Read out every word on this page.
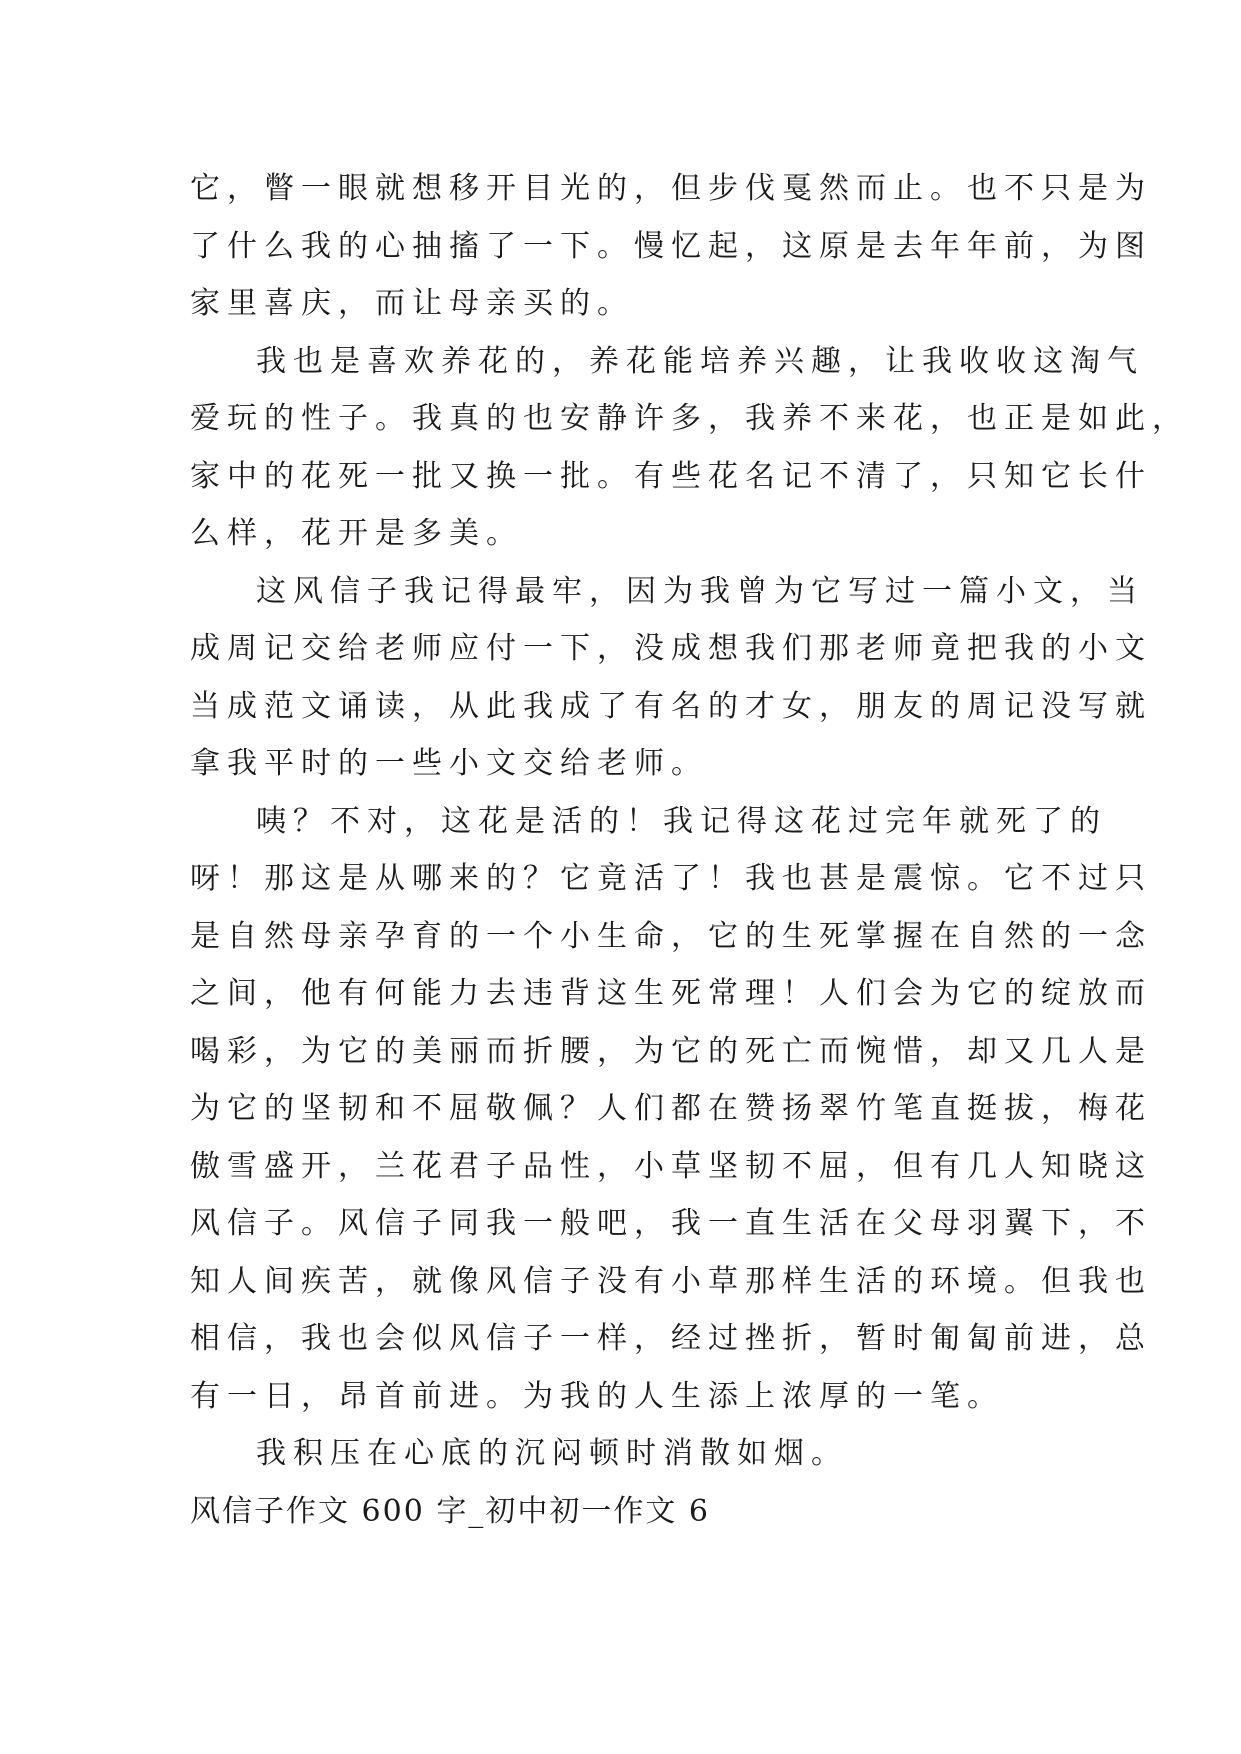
它，瞥一眼就想移开目光的，但步伐戛然而止。也不只是为
了什么我的心抽搐了一下。慢忆起，这原是去年年前，为图
家里喜庆，而让母亲买的。
我也是喜欢养花的，养花能培养兴趣，让我收收这淘气
爱玩的性子。我真的也安静许多，我养不来花，也正是如此，
家中的花死一批又换一批。有些花名记不清了，只知它长什
么样，花开是多美。
这风信子我记得最牢，因为我曾为它写过一篇小文，当
成周记交给老师应付一下，没成想我们那老师竟把我的小文
当成范文诵读，从此我成了有名的才女，朋友的周记没写就
拿我平时的一些小文交给老师。
咦？不对，这花是活的！我记得这花过完年就死了的
呀！那这是从哪来的？它竟活了！我也甚是震惊。它不过只
是自然母亲孕育的一个小生命，它的生死掌握在自然的一念
之间，他有何能力去违背这生死常理！人们会为它的绽放而
喝彩，为它的美丽而折腰，为它的死亡而惋惜，却又几人是
为它的坚韧和不屈敬佩？人们都在赞扬翠竹笔直挺拔，梅花
傲雪盛开，兰花君子品性，小草坚韧不屈，但有几人知晓这
风信子。风信子同我一般吧，我一直生活在父母羽翼下，不
知人间疾苦，就像风信子没有小草那样生活的环境。但我也
相信，我也会似风信子一样，经过挫折，暂时匍匐前进，总
有一日，昂首前进。为我的人生添上浓厚的一笔。
我积压在心底的沉闷顿时消散如烟。
风信子作文 600 字_初中初一作文 6
